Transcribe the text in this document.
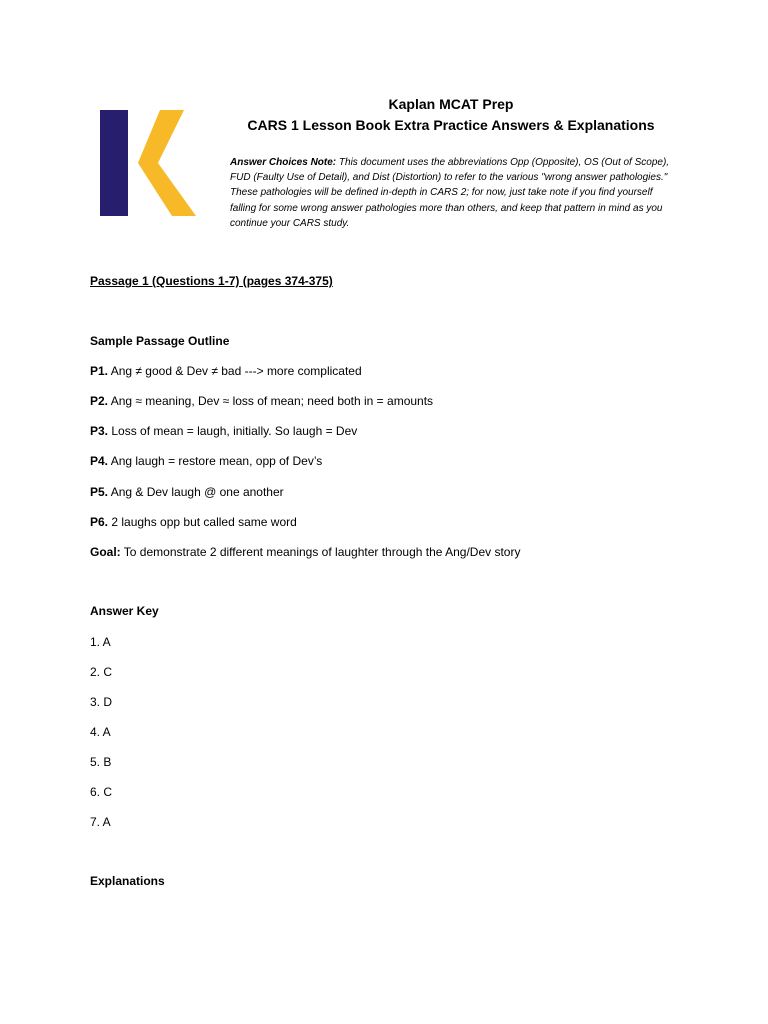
Kaplan MCAT Prep
CARS 1 Lesson Book Extra Practice Answers & Explanations
Answer Choices Note: This document uses the abbreviations Opp (Opposite), OS (Out of Scope), FUD (Faulty Use of Detail), and Dist (Distortion) to refer to the various "wrong answer pathologies." These pathologies will be defined in-depth in CARS 2; for now, just take note if you find yourself falling for some wrong answer pathologies more than others, and keep that pattern in mind as you continue your CARS study.
Passage 1 (Questions 1-7) (pages 374-375)
Sample Passage Outline
P1. Ang ≠ good & Dev ≠ bad ---> more complicated
P2. Ang ≈ meaning, Dev ≈ loss of mean; need both in = amounts
P3. Loss of mean = laugh, initially. So laugh = Dev
P4. Ang laugh = restore mean, opp of Dev’s
P5. Ang & Dev laugh @ one another
P6. 2 laughs opp but called same word
Goal: To demonstrate 2 different meanings of laughter through the Ang/Dev story
Answer Key
1. A
2. C
3. D
4. A
5. B
6. C
7. A
Explanations
